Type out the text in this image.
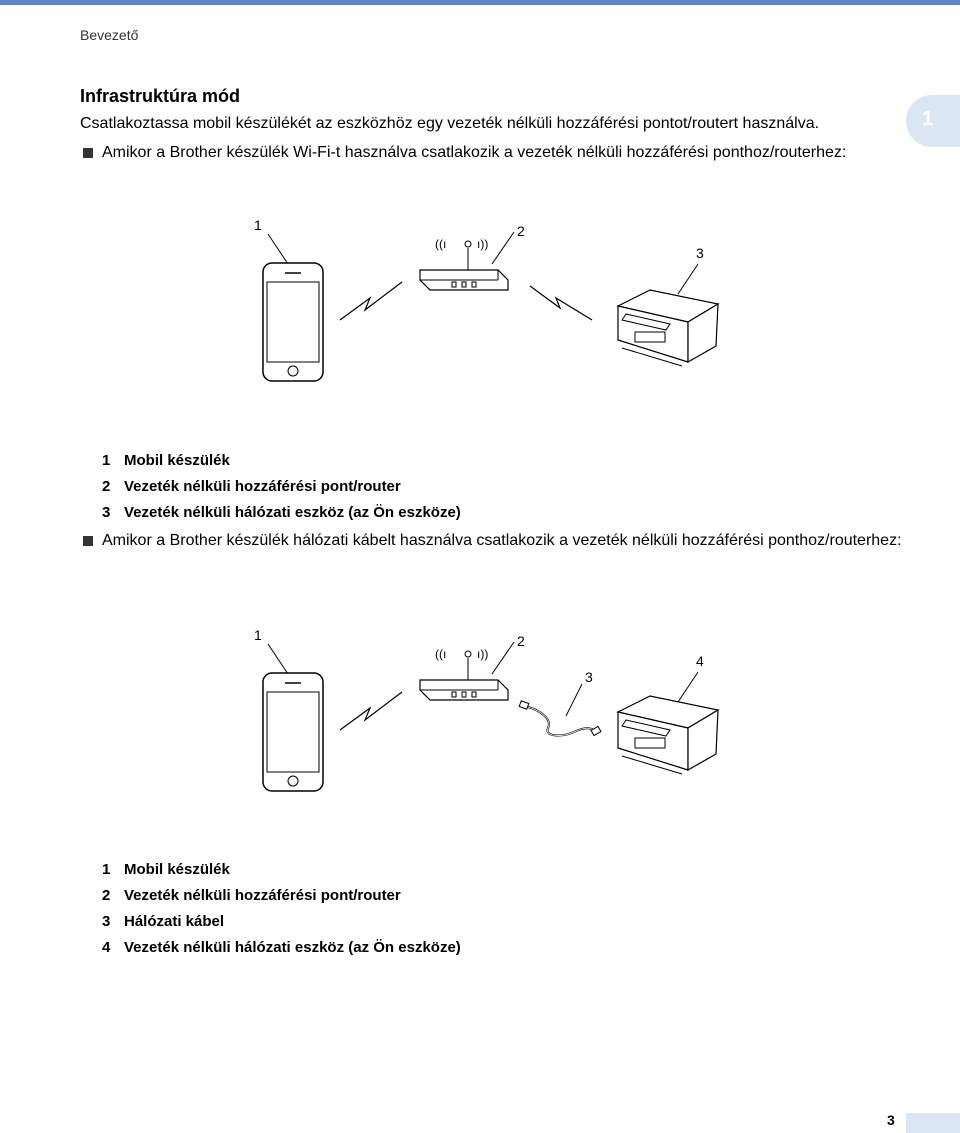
Bevezető
1
Infrastruktúra mód
Csatlakoztassa mobil készülékét az eszközhöz egy vezeték nélküli hozzáférési pontot/routert használva.
Amikor a Brother készülék Wi-Fi-t használva csatlakozik a vezeték nélküli hozzáférési ponthoz/routerhez:
1
((ı	ı))
2
3
1 Mobil készülék
2 Vezeték nélküli hozzáférési pont/router
3 Vezeték nélküli hálózati eszköz (az Ön eszköze)
Amikor a Brother készülék hálózati kábelt használva csatlakozik a vezeték nélküli hozzáférési ponthoz/routerhez:
1
((ı	ı))
2
3
4
1 Mobil készülék
2 Vezeték nélküli hozzáférési pont/router
3 Hálózati kábel
4 Vezeték nélküli hálózati eszköz (az Ön eszköze)
3
